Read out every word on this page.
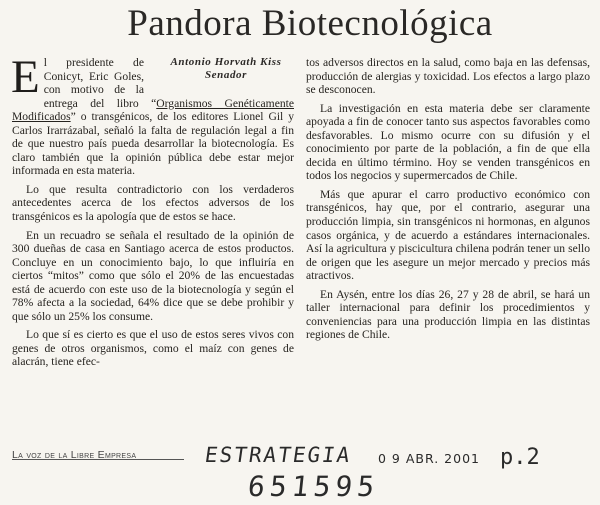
Pandora Biotecnológica
Antonio Horvath Kiss
Senador

El presidente de Conicyt, Eric Goles, con motivo de la entrega del libro “Organismos Genéticamente Modificados” o transgénicos, de los editores Lionel Gil y Carlos Irarrázabal, señaló la falta de regulación legal a fin de que nuestro país pueda desarrollar la biotecnología. Es claro también que la opinión pública debe estar mejor informada en esta materia.

Lo que resulta contradictorio con los verdaderos antecedentes acerca de los efectos adversos de los transgénicos es la apología que de estos se hace.

En un recuadro se señala el resultado de la opinión de 300 dueñas de casa en Santiago acerca de estos productos. Concluye en un conocimiento bajo, lo que influiría en ciertos “mitos” como que sólo el 20% de las encuestadas está de acuerdo con este uso de la biotecnología y según el 78% afecta a la sociedad, 64% dice que se debe prohibir y que sólo un 25% los consume.

Lo que sí es cierto es que el uso de estos seres vivos con genes de otros organismos, como el maíz con genes de alacrán, tiene efec-

tos adversos directos en la salud, como baja en las defensas, producción de alergias y toxicidad. Los efectos a largo plazo se desconocen.

La investigación en esta materia debe ser claramente apoyada a fin de conocer tanto sus aspectos favorables como desfavorables. Lo mismo ocurre con su difusión y el conocimiento por parte de la población, a fin de que ella decida en último término. Hoy se venden transgénicos en todos los negocios y supermercados de Chile.

Más que apurar el carro productivo económico con transgénicos, hay que, por el contrario, asegurar una producción limpia, sin transgénicos ni hormonas, en algunos casos orgánica, y de acuerdo a estándares internacionales. Así la agricultura y piscicultura chilena podrán tener un sello de origen que les asegure un mejor mercado y precios más atractivos.

En Aysén, entre los días 26, 27 y 28 de abril, se hará un taller internacional para definir los procedimientos y conveniencias para una producción limpia en las distintas regiones de Chile.

La voz de la Libre Empresa	ESTRATEGIA 0 9 ABR. 2001 p.2
651595
